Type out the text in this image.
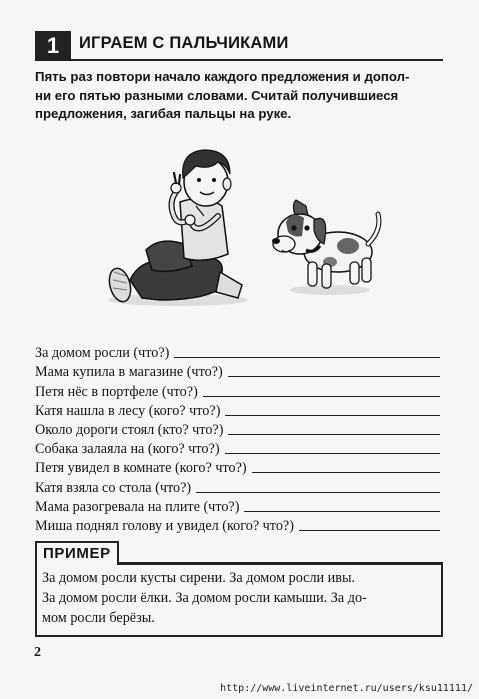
1	ИГРАЕМ С ПАЛЬЧИКАМИ
Пять раз повтори начало каждого предложения и допол-
ни его пятью разными словами. Считай получившиеся
предложения, загибая пальцы на руке.
За домом росли (что?)
Мама купила в магазине (что?)
Петя нёс в портфеле (что?)
Катя нашла в лесу (кого? что?)
Около дороги стоял (кто? что?)
Собака залаяла на (кого? что?)
Петя увидел в комнате (кого? что?)
Катя взяла со стола (что?)
Мама разогревала на плите (что?)
Миша поднял голову и увидел (кого? что?)
ПРИМЕР
За домом росли кусты сирени. За домом росли ивы.
За домом росли ёлки. За домом росли камыши. За до-
мом росли берёзы.
2
http://www.liveinternet.ru/users/ksu11111/
